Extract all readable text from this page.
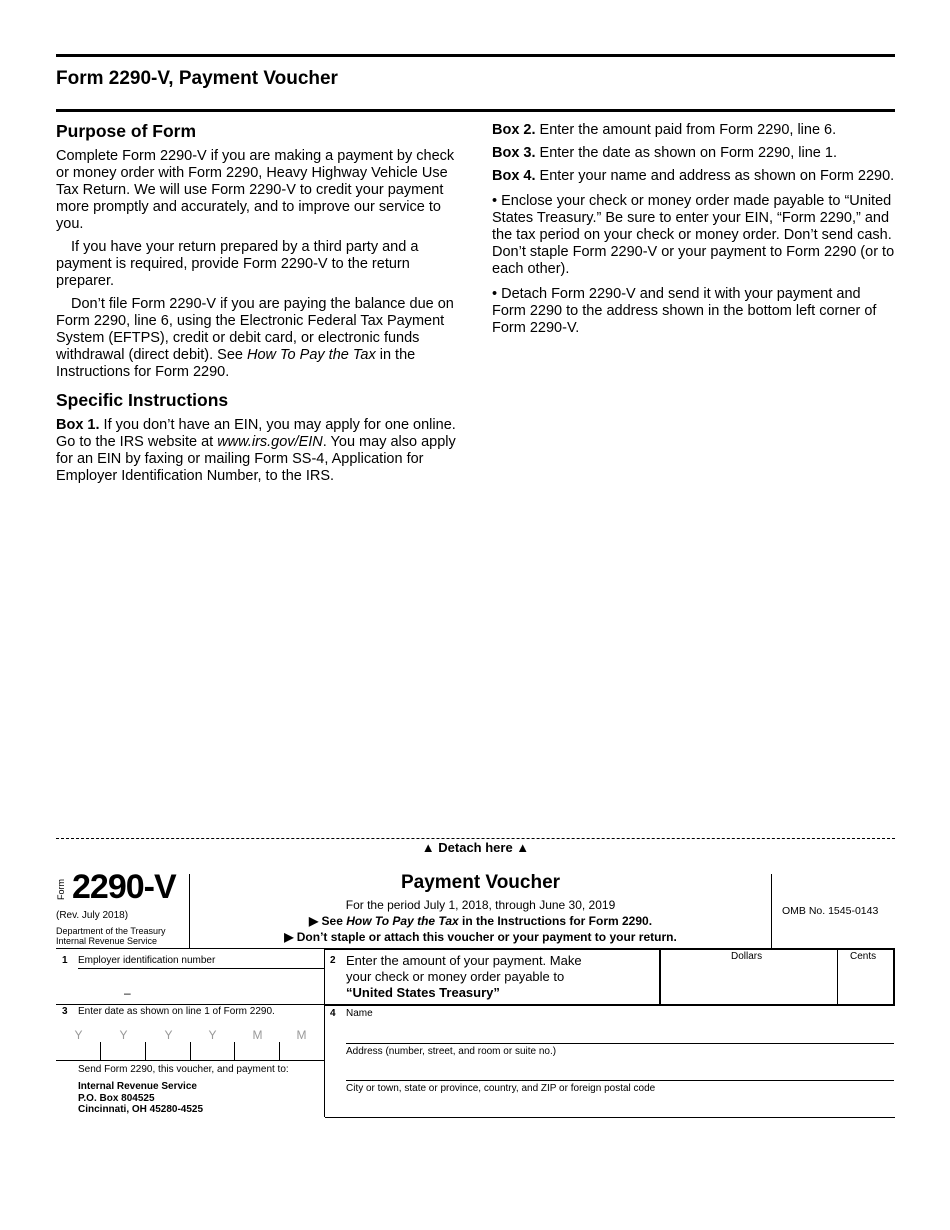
Form 2290-V, Payment Voucher
Purpose of Form

Complete Form 2290-V if you are making a payment by check or money order with Form 2290, Heavy Highway Vehicle Use Tax Return. We will use Form 2290-V to credit your payment more promptly and accurately, and to improve our service to you.

If you have your return prepared by a third party and a payment is required, provide Form 2290-V to the return preparer.

Don’t file Form 2290-V if you are paying the balance due on Form 2290, line 6, using the Electronic Federal Tax Payment System (EFTPS), credit or debit card, or electronic funds withdrawal (direct debit). See How To Pay the Tax in the Instructions for Form 2290.

Specific Instructions

Box 1. If you don’t have an EIN, you may apply for one online. Go to the IRS website at www.irs.gov/EIN. You may also apply for an EIN by faxing or mailing Form SS-4, Application for Employer Identification Number, to the IRS.

Box 2. Enter the amount paid from Form 2290, line 6.

Box 3. Enter the date as shown on Form 2290, line 1.

Box 4. Enter your name and address as shown on Form 2290.

• Enclose your check or money order made payable to “United States Treasury.” Be sure to enter your EIN, “Form 2290,” and the tax period on your check or money order. Don’t send cash. Don’t staple Form 2290-V or your payment to Form 2290 (or to each other).

• Detach Form 2290-V and send it with your payment and Form 2290 to the address shown in the bottom left corner of Form 2290-V.

▲ Detach here ▲
Form 2290-V
(Rev. July 2018)
Department of the Treasury
Internal Revenue Service
Payment Voucher
For the period July 1, 2018, through June 30, 2019
▶ See How To Pay the Tax in the Instructions for Form 2290.
▶ Don’t staple or attach this voucher or your payment to your return.
OMB No. 1545-0143
1 Employer identification number
–
2 Enter the amount of your payment. Make
your check or money order payable to
“United States Treasury”
Dollars	Cents
3 Enter date as shown on line 1 of Form 2290.
Y	Y	Y	Y	M	M
Send Form 2290, this voucher, and payment to:
Internal Revenue Service
P.O. Box 804525
Cincinnati, OH 45280-4525
4 Name
Address (number, street, and room or suite no.)
City or town, state or province, country, and ZIP or foreign postal code
